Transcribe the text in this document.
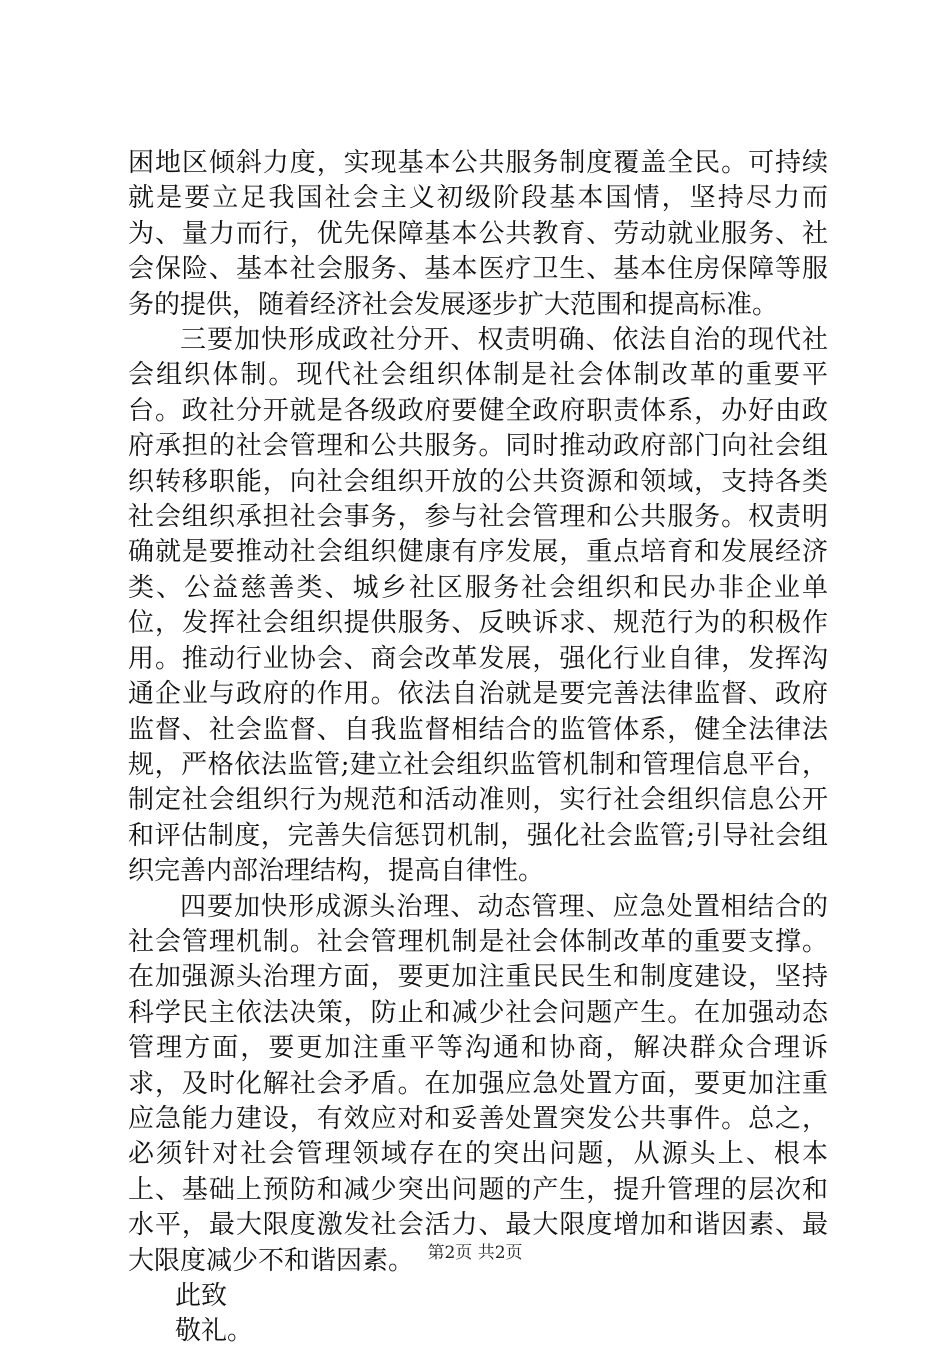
困地区倾斜力度，实现基本公共服务制度覆盖全民。可持续就是要立足我国社会主义初级阶段基本国情，坚持尽力而为、量力而行，优先保障基本公共教育、劳动就业服务、社会保险、基本社会服务、基本医疗卫生、基本住房保障等服务的提供，随着经济社会发展逐步扩大范围和提高标准。

三要加快形成政社分开、权责明确、依法自治的现代社会组织体制。现代社会组织体制是社会体制改革的重要平台。政社分开就是各级政府要健全政府职责体系，办好由政府承担的社会管理和公共服务。同时推动政府部门向社会组织转移职能，向社会组织开放的公共资源和领域，支持各类社会组织承担社会事务，参与社会管理和公共服务。权责明确就是要推动社会组织健康有序发展，重点培育和发展经济类、公益慈善类、城乡社区服务社会组织和民办非企业单位，发挥社会组织提供服务、反映诉求、规范行为的积极作用。推动行业协会、商会改革发展，强化行业自律，发挥沟通企业与政府的作用。依法自治就是要完善法律监督、政府监督、社会监督、自我监督相结合的监管体系，健全法律法规，严格依法监管;建立社会组织监管机制和管理信息平台，制定社会组织行为规范和活动准则，实行社会组织信息公开和评估制度，完善失信惩罚机制，强化社会监管;引导社会组织完善内部治理结构，提高自律性。

四要加快形成源头治理、动态管理、应急处置相结合的社会管理机制。社会管理机制是社会体制改革的重要支撑。在加强源头治理方面，要更加注重民民生和制度建设，坚持科学民主依法决策，防止和减少社会问题产生。在加强动态管理方面，要更加注重平等沟通和协商，解决群众合理诉求，及时化解社会矛盾。在加强应急处置方面，要更加注重应急能力建设，有效应对和妥善处置突发公共事件。总之，必须针对社会管理领域存在的突出问题，从源头上、根本上、基础上预防和减少突出问题的产生，提升管理的层次和水平，最大限度激发社会活力、最大限度增加和谐因素、最大限度减少不和谐因素。

此致

敬礼。

第2页 共2页
